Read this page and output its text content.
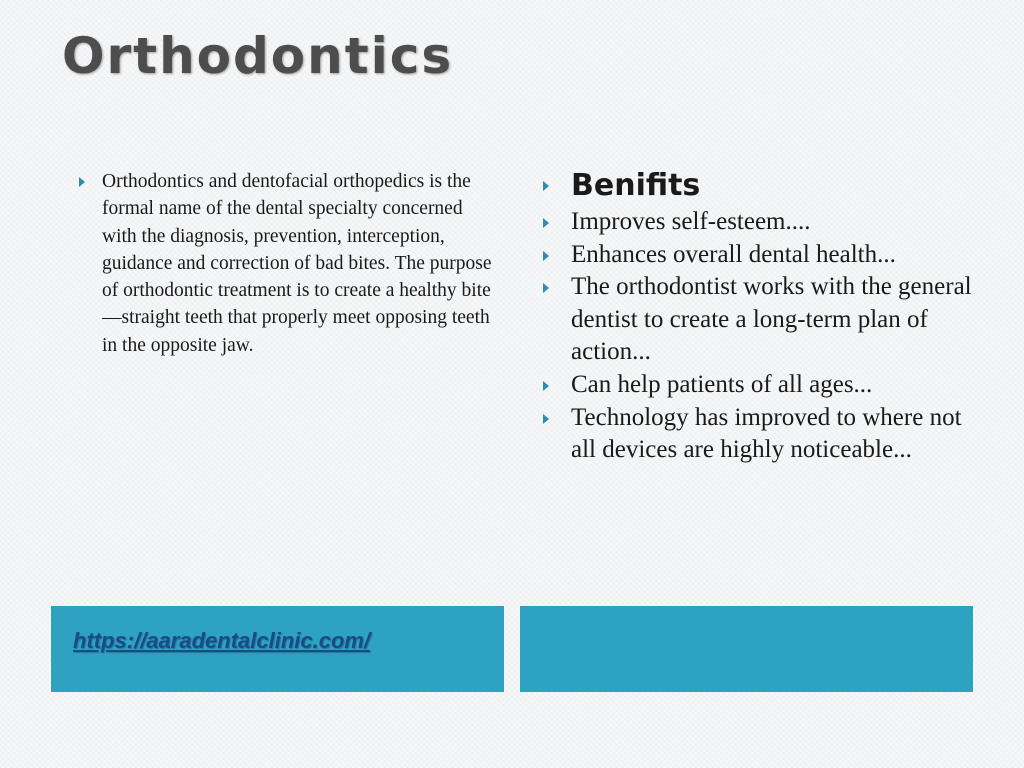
Orthodontics
Orthodontics and dentofacial orthopedics is the formal name of the dental specialty concerned with the diagnosis, prevention, interception, guidance and correction of bad bites. The purpose of orthodontic treatment is to create a healthy bite—straight teeth that properly meet opposing teeth in the opposite jaw.
Benifits
Improves self-esteem....
Enhances overall dental health...
The orthodontist works with the general dentist to create a long-term plan of action...
Can help patients of all ages...
Technology has improved to where not all devices are highly noticeable...
https://aaradentalclinic.com/
